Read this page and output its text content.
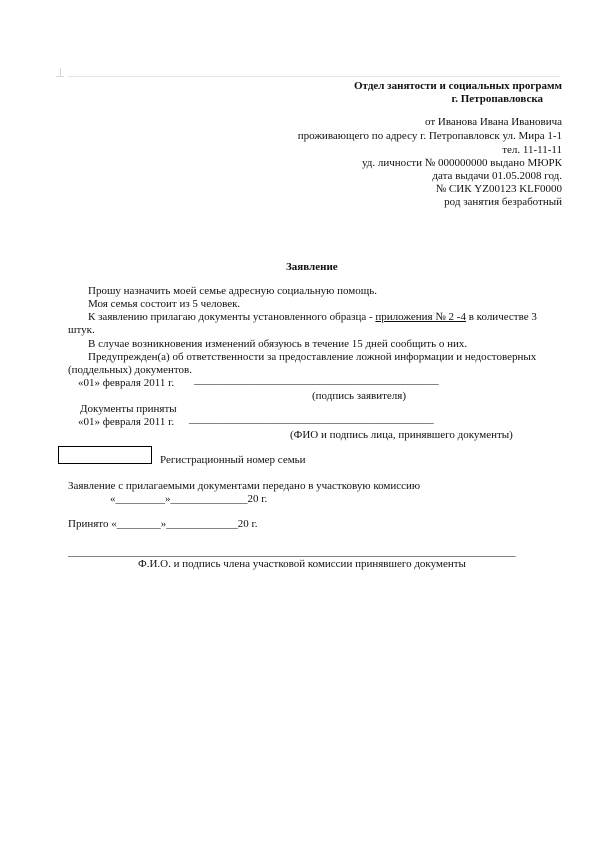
Отдел занятости и социальных программ
г. Петропавловска
от Иванова Ивана Ивановича
проживающего по адресу г. Петропавловск ул. Мира 1-1
тел. 11-11-11
уд. личности № 000000000 выдано МЮРК
дата выдачи 01.05.2008 год.
№ СИК YZ00123 KLF0000
род занятия безработный
Заявление
Прошу назначить моей семье адресную социальную помощь.
Моя семья состоит из 5 человек.
К заявлению прилагаю документы установленного образца - приложения № 2 -4 в количестве 3
штук.
В случае возникновения изменений обязуюсь в течение 15 дней сообщить о них.
Предупрежден(а) об ответственности за предоставление ложной информации и недостоверных
(поддельных) документов.
«01» февраля 2011 г. _______________________________________________
(подпись заявителя)
Документы приняты
«01» февраля 2011 г. _______________________________________________
(ФИО и подпись лица, принявшего документы)
Регистрационный номер семьи
Заявление с прилагаемыми документами передано в участковую комиссию
«_________»______________20 г.
Принято «________»_____________20 г.
______________________________________________________________________________________
Ф.И.О. и подпись члена участковой комиссии принявшего документы
